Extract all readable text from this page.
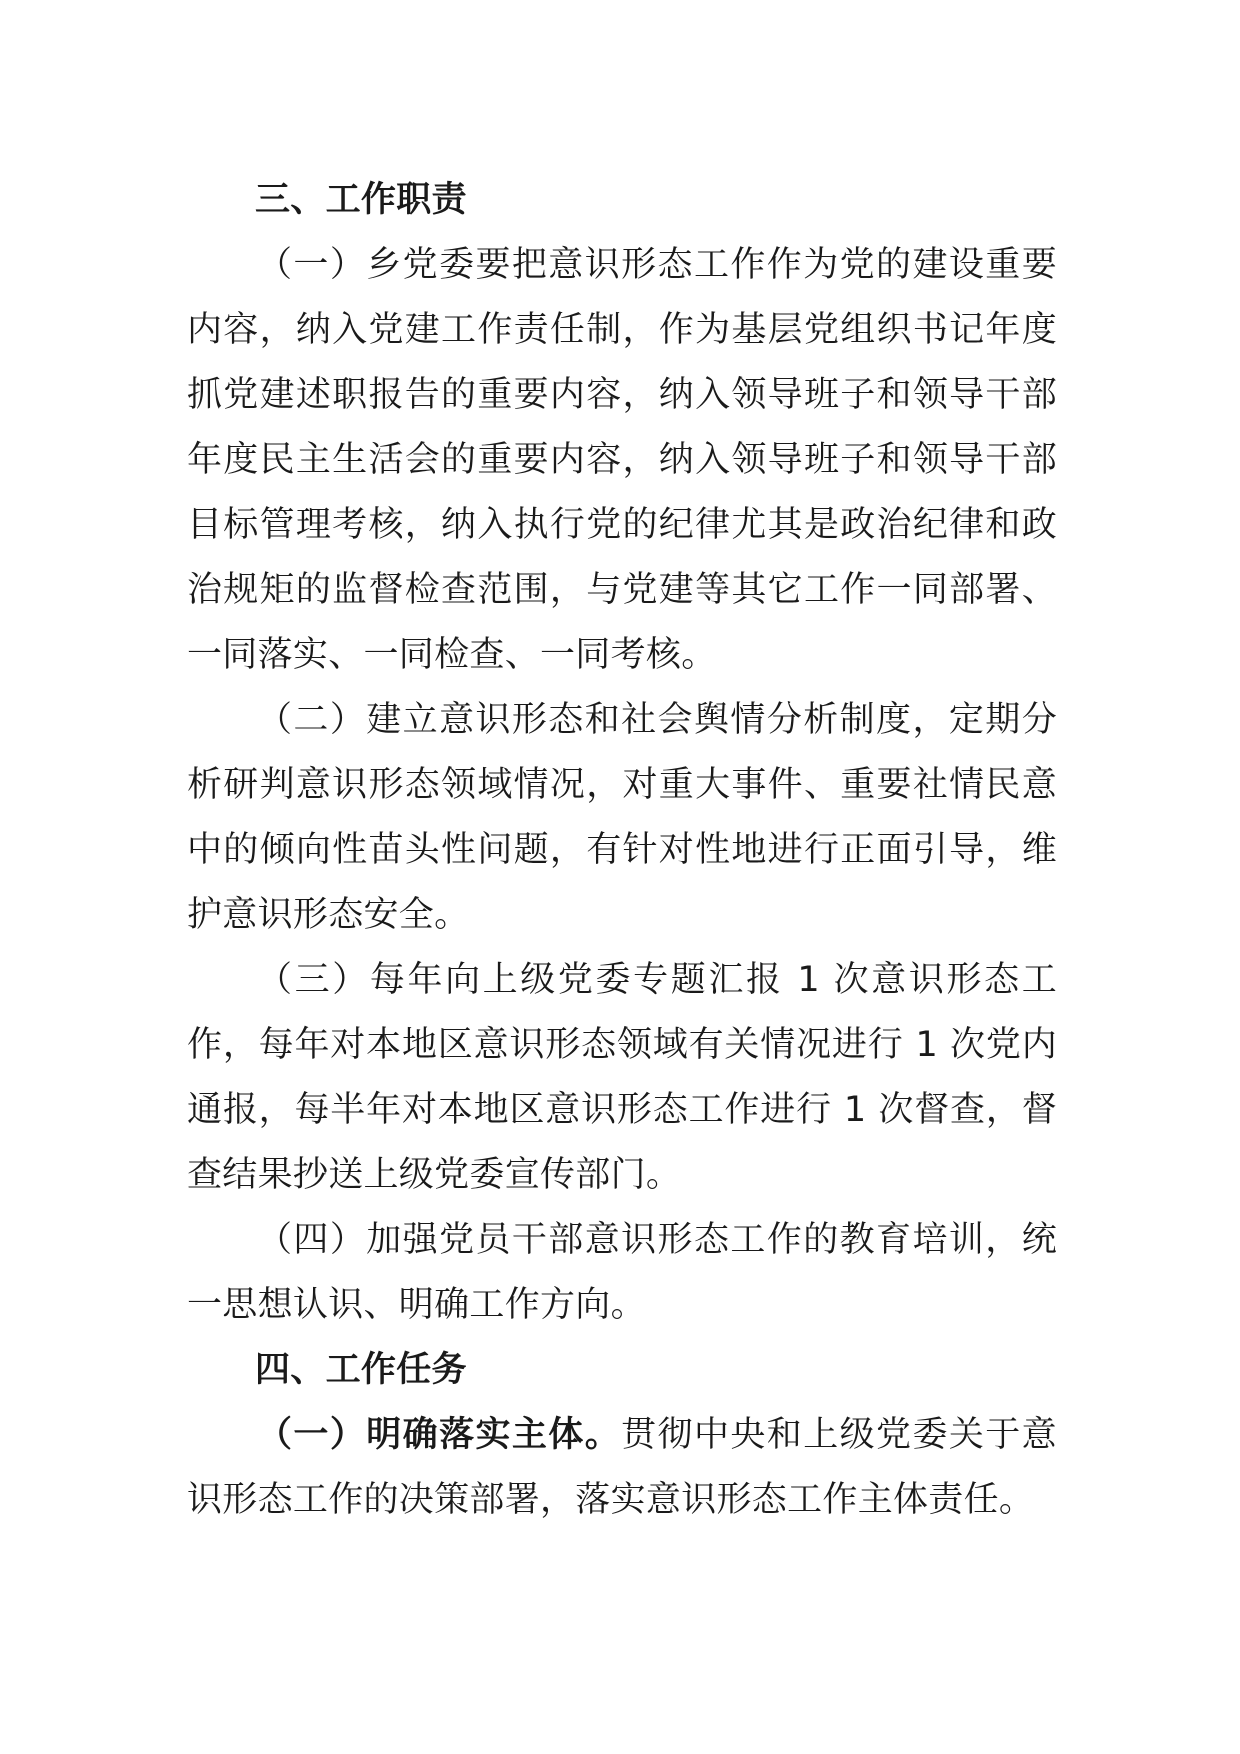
三、工作职责

（一）乡党委要把意识形态工作作为党的建设重要内容，纳入党建工作责任制，作为基层党组织书记年度抓党建述职报告的重要内容，纳入领导班子和领导干部年度民主生活会的重要内容，纳入领导班子和领导干部目标管理考核，纳入执行党的纪律尤其是政治纪律和政治规矩的监督检查范围，与党建等其它工作一同部署、一同落实、一同检查、一同考核。

（二）建立意识形态和社会舆情分析制度，定期分析研判意识形态领域情况，对重大事件、重要社情民意中的倾向性苗头性问题，有针对性地进行正面引导，维护意识形态安全。

（三）每年向上级党委专题汇报 1 次意识形态工作，每年对本地区意识形态领域有关情况进行 1 次党内通报，每半年对本地区意识形态工作进行 1 次督查，督查结果抄送上级党委宣传部门。

（四）加强党员干部意识形态工作的教育培训，统一思想认识、明确工作方向。

四、工作任务

（一）明确落实主体。贯彻中央和上级党委关于意识形态工作的决策部署，落实意识形态工作主体责任。
